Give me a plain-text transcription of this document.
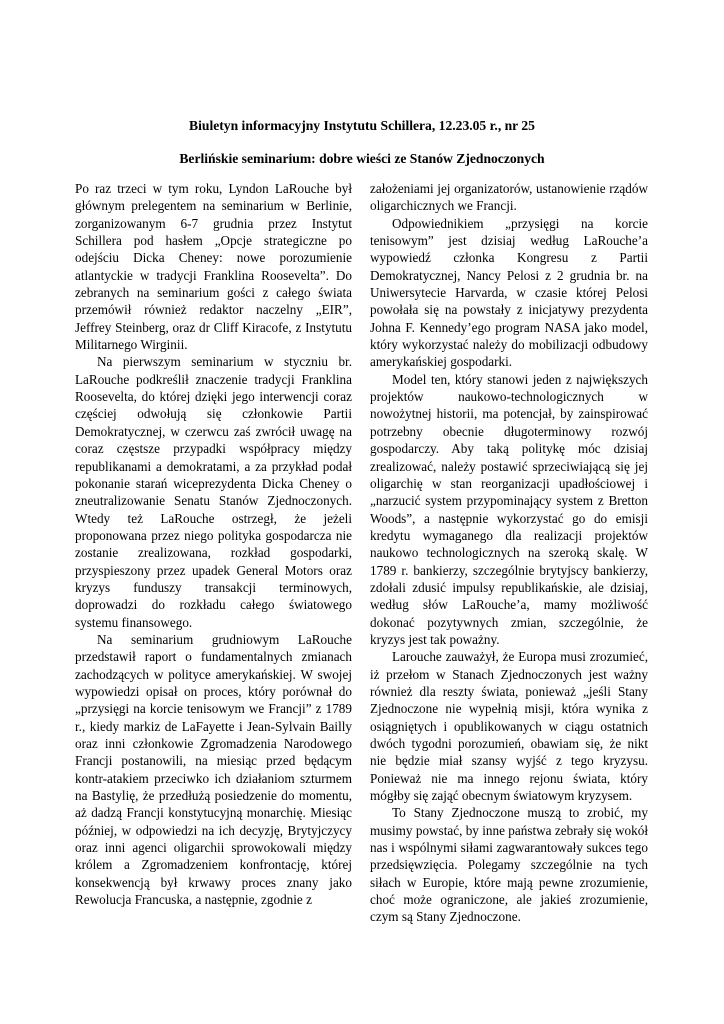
Biuletyn informacyjny Instytutu Schillera, 12.23.05 r., nr 25
Berlińskie seminarium: dobre wieści ze Stanów Zjednoczonych

Po raz trzeci w tym roku, Lyndon LaRouche był głównym prelegentem na seminarium w Berlinie, zorganizowanym 6-7 grudnia przez Instytut Schillera pod hasłem „Opcje strategiczne po odejściu Dicka Cheney: nowe porozumienie atlantyckie w tradycji Franklina Roosevelta”. Do zebranych na seminarium gości z całego świata przemówił również redaktor naczelny „EIR”, Jeffrey Steinberg, oraz dr Cliff Kiracofe, z Instytutu Militarnego Wirginii.

Na pierwszym seminarium w styczniu br. LaRouche podkreślił znaczenie tradycji Franklina Roosevelta, do której dzięki jego interwencji coraz częściej odwołują się członkowie Partii Demokratycznej, w czerwcu zaś zwrócił uwagę na coraz częstsze przypadki współpracy między republikanami a demokratami, a za przykład podał pokonanie starań wiceprezydenta Dicka Cheney o zneutralizowanie Senatu Stanów Zjednoczonych. Wtedy też LaRouche ostrzegł, że jeżeli proponowana przez niego polityka gospodarcza nie zostanie zrealizowana, rozkład gospodarki, przyspieszony przez upadek General Motors oraz kryzys funduszy transakcji terminowych, doprowadzi do rozkładu całego światowego systemu finansowego.

Na seminarium grudniowym LaRouche przedstawił raport o fundamentalnych zmianach zachodzących w polityce amerykańskiej. W swojej wypowiedzi opisał on proces, który porównał do „przysięgi na korcie tenisowym we Francji” z 1789 r., kiedy markiz de LaFayette i Jean-Sylvain Bailly oraz inni członkowie Zgromadzenia Narodowego Francji postanowili, na miesiąc przed będącym kontr-atakiem przeciwko ich działaniom szturmem na Bastylię, że przedłużą posiedzenie do momentu, aż dadzą Francji konstytucyjną monarchię. Miesiąc później, w odpowiedzi na ich decyzję, Brytyjczycy oraz inni agenci oligarchii sprowokowali między królem a Zgromadzeniem konfrontację, której konsekwencją był krwawy proces znany jako Rewolucja Francuska, a następnie, zgodnie z

założeniami jej organizatorów, ustanowienie rządów oligarchicznych we Francji.

Odpowiednikiem „przysięgi na korcie tenisowym” jest dzisiaj według LaRouche’a wypowiedź członka Kongresu z Partii Demokratycznej, Nancy Pelosi z 2 grudnia br. na Uniwersytecie Harvarda, w czasie której Pelosi powołała się na powstały z inicjatywy prezydenta Johna F. Kennedy’ego program NASA jako model, który wykorzystać należy do mobilizacji odbudowy amerykańskiej gospodarki.

Model ten, który stanowi jeden z największych projektów naukowo-technologicznych w nowożytnej historii, ma potencjał, by zainspirować potrzebny obecnie długoterminowy rozwój gospodarczy. Aby taką politykę móc dzisiaj zrealizować, należy postawić sprzeciwiającą się jej oligarchię w stan reorganizacji upadłościowej i „narzucić system przypominający system z Bretton Woods”, a następnie wykorzystać go do emisji kredytu wymaganego dla realizacji projektów naukowo technologicznych na szeroką skalę. W 1789 r. bankierzy, szczególnie brytyjscy bankierzy, zdołali zdusić impulsy republikańskie, ale dzisiaj, według słów LaRouche’a, mamy możliwość dokonać pozytywnych zmian, szczególnie, że kryzys jest tak poważny.

Larouche zauważył, że Europa musi zrozumieć, iż przełom w Stanach Zjednoczonych jest ważny również dla reszty świata, ponieważ „jeśli Stany Zjednoczone nie wypełnią misji, która wynika z osiągniętych i opublikowanych w ciągu ostatnich dwóch tygodni porozumień, obawiam się, że nikt nie będzie miał szansy wyjść z tego kryzysu. Ponieważ nie ma innego rejonu świata, który mógłby się zająć obecnym światowym kryzysem.

To Stany Zjednoczone muszą to zrobić, my musimy powstać, by inne państwa zebrały się wokół nas i wspólnymi siłami zagwarantowały sukces tego przedsięwzięcia. Polegamy szczególnie na tych siłach w Europie, które mają pewne zrozumienie, choć może ograniczone, ale jakieś zrozumienie, czym są Stany Zjednoczone.
